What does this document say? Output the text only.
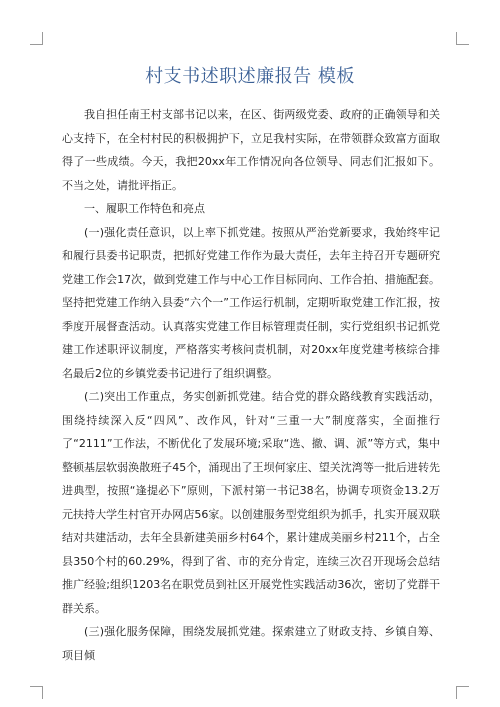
村支书述职述廉报告 模板

我自担任南王村支部书记以来，在区、街两级党委、政府的正确领导和关心支持下，在全村村民的积极拥护下，立足我村实际，在带领群众致富方面取得了一些成绩。今天，我把20xx年工作情况向各位领导、同志们汇报如下。不当之处，请批评指正。

一、履职工作特色和亮点

(一)强化责任意识，以上率下抓党建。按照从严治党新要求，我始终牢记和履行县委书记职责，把抓好党建工作作为最大责任，去年主持召开专题研究党建工作会17次，做到党建工作与中心工作目标同向、工作合拍、措施配套。坚持把党建工作纳入县委“六个一”工作运行机制，定期听取党建工作汇报，按季度开展督查活动。认真落实党建工作目标管理责任制，实行党组织书记抓党建工作述职评议制度，严格落实考核问责机制，对20xx年度党建考核综合排名最后2位的乡镇党委书记进行了组织调整。

(二)突出工作重点，务实创新抓党建。结合党的群众路线教育实践活动，围绕持续深入反“四风”、改作风，针对“三重一大”制度落实，全面推行了“2111”工作法，不断优化了发展环境;采取“选、撤、调、派”等方式，集中整顿基层软弱涣散班子45个，涌现出了王坝何家庄、望关沈湾等一批后进转先进典型，按照“逢提必下”原则，下派村第一书记38名，协调专项资金13.2万元扶持大学生村官开办网店56家。以创建服务型党组织为抓手，扎实开展双联结对共建活动，去年全县新建美丽乡村64个，累计建成美丽乡村211个，占全县350个村的60.29%，得到了省、市的充分肯定，连续三次召开现场会总结推广经验;组织1203名在职党员到社区开展党性实践活动36次，密切了党群干群关系。

(三)强化服务保障，围绕发展抓党建。探索建立了财政支持、乡镇自筹、项目倾
